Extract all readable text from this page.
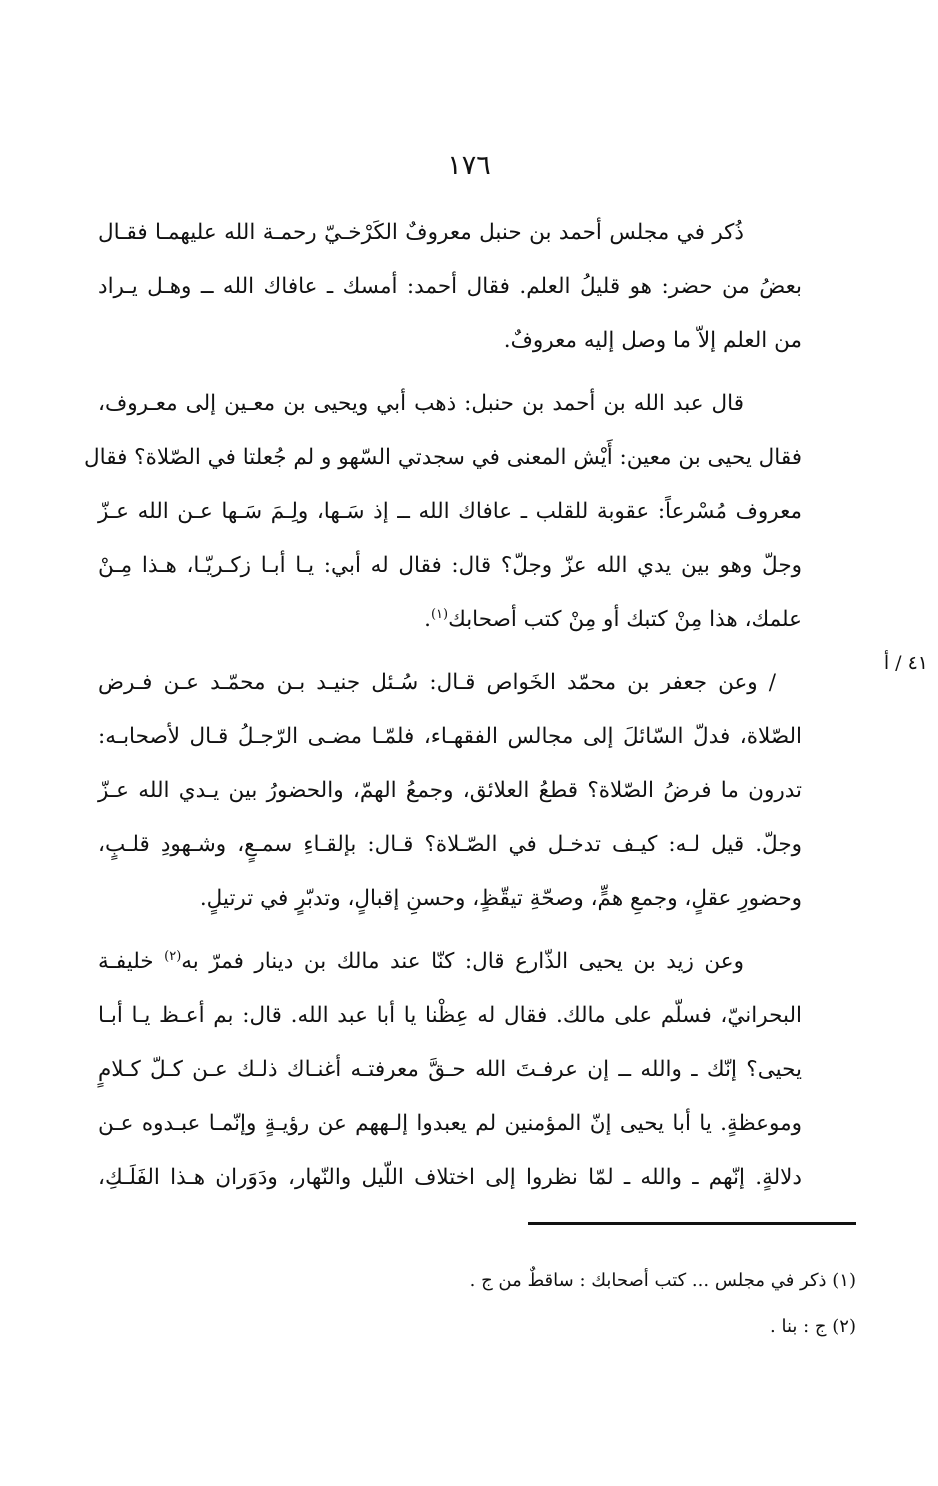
١٧٦
٤١ / أ
ذُكر في مجلس أحمد بن حنبل معروفٌ الكَرْخـيّ رحمـة الله عليهمـا فقـال
بعضُ من حضر: هو قليلُ العلم. فقال أحمد: أمسك ـ عافاك الله ــ وهـل يـراد
من العلم إلاّ ما وصل إليه معروفٌ.
قال عبد الله بن أحمد بن حنبل: ذهب أبي ويحيى بن معـين إلى معـروف،
فقال يحيى بن معين: أَيْش المعنى في سجدتي السّهو و لم جُعلتا في الصّلاة؟ فقال
معروف مُسْرعاً: عقوبة للقلب ـ عافاك الله ــ إذ سَـها، ولِـمَ سَـها عـن الله عـزّ
وجلّ وهو بين يدي الله عزّ وجلّ؟ قال: فقال له أبي: يـا أبـا زكـريّـا، هـذا مِـنْ
علمك، هذا مِنْ كتبك أو مِنْ كتب أصحابك$^{(١)}$.
/ وعن جعفر بن محمّد الخَواص قـال: سُـئل جنيـد بـن محمّـد عـن فـرض
الصّلاة، فدلّ السّائلَ إلى مجالس الفقهـاء، فلمّـا مضـى الرّجـلُ قـال لأصحابـه:
تدرون ما فرضُ الصّلاة؟ قطعُ العلائق، وجمعُ الهمّ، والحضورُ بين يـدي الله عـزّ
وجلّ. قيل لـه: كيـف تدخـل في الصّـلاة؟ قـال: بإلقـاءِ سمـعٍ، وشـهودِ قلـبٍ،
وحضورِ عقلٍ، وجمعِ همٍّ، وصحّةِ تيقّظٍ، وحسنِ إقبالٍ، وتدبّرٍ في ترتيلٍ.
وعن زيد بن يحيى الذّارع قال: كنّا عند مالك بن دينار فمرّ به$^{(٢)}$ خليفـة
البحرانيّ، فسلّم على مالك. فقال له عِظْنا يا أبا عبد الله. قال: بم أعـظ يـا أبـا
يحيى؟ إنّك ـ والله ــ إن عرفـتَ الله حـقَّ معرفتـه أغنـاك ذلـك عـن كـلّ كـلامٍ
وموعظةٍ. يا أبا يحيى إنّ المؤمنين لم يعبدوا إلـههم عن رؤيـةٍ وإنّمـا عبـدوه عـن
دلالةٍ. إنّهم ـ والله ـ لمّا نظروا إلى اختلاف اللّيل والنّهار، ودَوَران هـذا الفَلَـكِ،
(١) ذكر في مجلس ... كتب أصحابك : ساقطٌ من ج .
(٢) ج : بنا .
